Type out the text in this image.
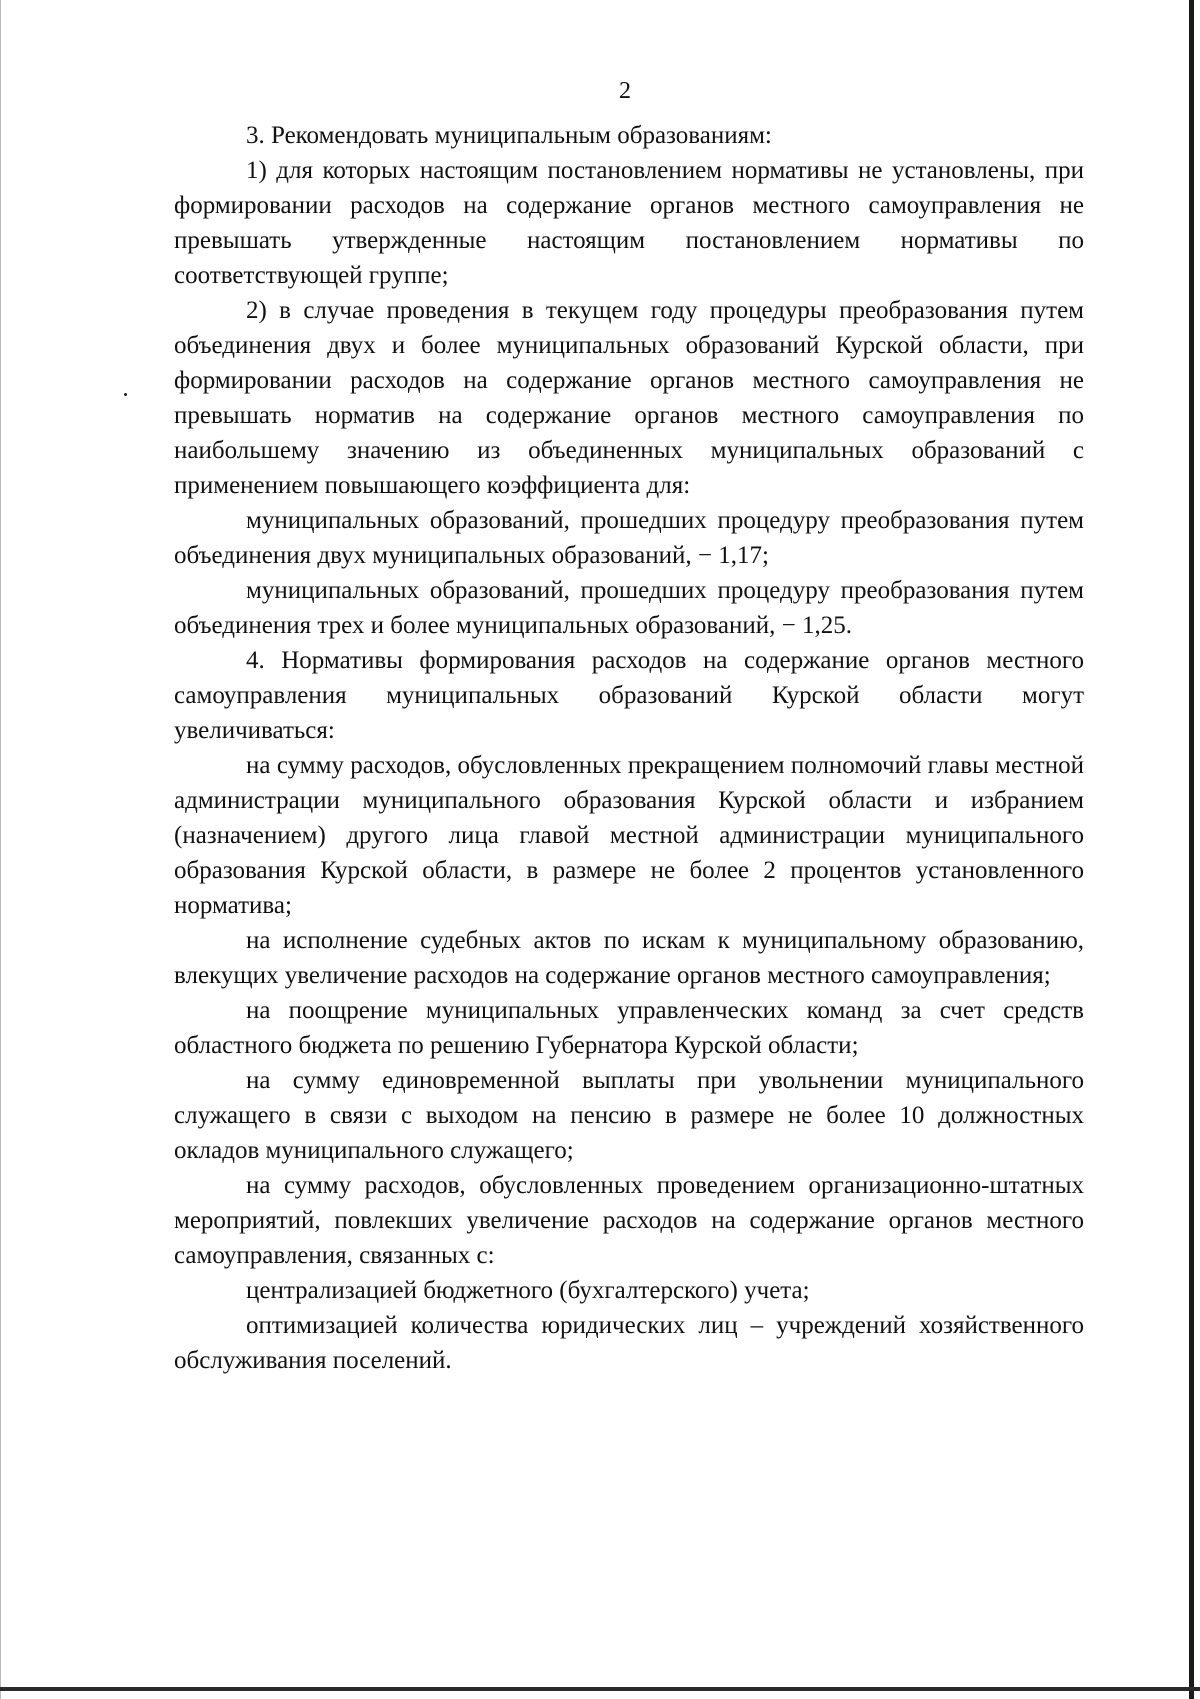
2

3. Рекомендовать муниципальным образованиям:

1) для которых настоящим постановлением нормативы не установлены, при формировании расходов на содержание органов местного самоуправления не превышать утвержденные настоящим постановлением нормативы по соответствующей группе;

2) в случае проведения в текущем году процедуры преобразования путем объединения двух и более муниципальных образований Курской области, при формировании расходов на содержание органов местного самоуправления не превышать норматив на содержание органов местного самоуправления по наибольшему значению из объединенных муниципальных образований с применением повышающего коэффициента для:

муниципальных образований, прошедших процедуру преобразования путем объединения двух муниципальных образований, − 1,17;

муниципальных образований, прошедших процедуру преобразования путем объединения трех и более муниципальных образований, − 1,25.

4. Нормативы формирования расходов на содержание органов местного самоуправления муниципальных образований Курской области могут увеличиваться:

на сумму расходов, обусловленных прекращением полномочий главы местной администрации муниципального образования Курской области и избранием (назначением) другого лица главой местной администрации муниципального образования Курской области, в размере не более 2 процентов установленного норматива;

на исполнение судебных актов по искам к муниципальному образованию, влекущих увеличение расходов на содержание органов местного самоуправления;

на поощрение муниципальных управленческих команд за счет средств областного бюджета по решению Губернатора Курской области;

на сумму единовременной выплаты при увольнении муниципального служащего в связи с выходом на пенсию в размере не более 10 должностных окладов муниципального служащего;

на сумму расходов, обусловленных проведением организационно-штатных мероприятий, повлекших увеличение расходов на содержание органов местного самоуправления, связанных с:

централизацией бюджетного (бухгалтерского) учета;

оптимизацией количества юридических лиц – учреждений хозяйственного обслуживания поселений.
